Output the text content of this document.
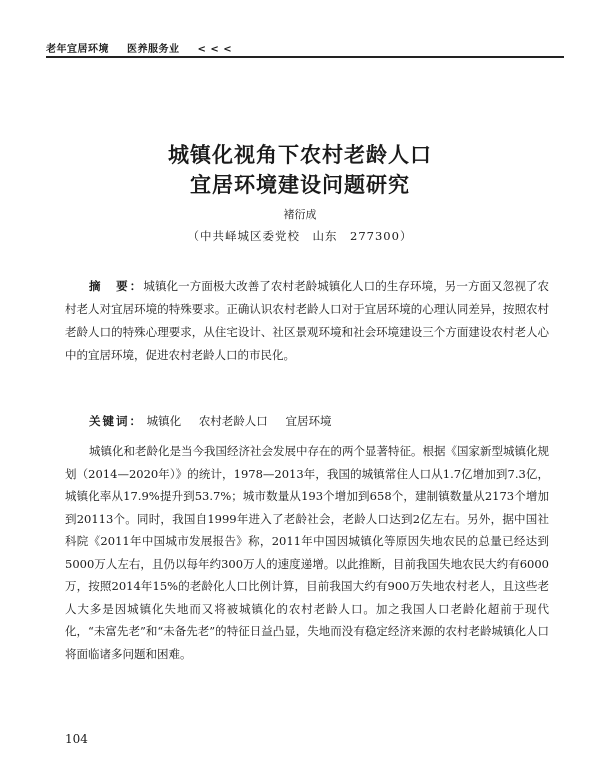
老年宜居环境 医养服务业 < < <
城镇化视角下农村老龄人口
宜居环境建设问题研究
褚衍成
（中共峄城区委党校　山东　277300）
摘　要：城镇化一方面极大改善了农村老龄城镇化人口的生存环境，另一方面又忽视了农村老人对宜居环境的特殊要求。正确认识农村老龄人口对于宜居环境的心理认同差异，按照农村老龄人口的特殊心理要求，从住宅设计、社区景观环境和社会环境建设三个方面建设农村老人心中的宜居环境，促进农村老龄人口的市民化。
关键词： 城镇化 农村老龄人口 宜居环境
城镇化和老龄化是当今我国经济社会发展中存在的两个显著特征。根据《国家新型城镇化规划（2014—2020年）》的统计，1978—2013年，我国的城镇常住人口从1.7亿增加到7.3亿，城镇化率从17.9%提升到53.7%；城市数量从193个增加到658个，建制镇数量从2173个增加到20113个。同时，我国自1999年进入了老龄社会，老龄人口达到2亿左右。另外，据中国社科院《2011年中国城市发展报告》称，2011年中国因城镇化等原因失地农民的总量已经达到5000万人左右，且仍以每年约300万人的速度递增。以此推断，目前我国失地农民大约有6000万，按照2014年15%的老龄化人口比例计算，目前我国大约有900万失地农村老人，且这些老人大多是因城镇化失地而又将被城镇化的农村老龄人口。加之我国人口老龄化超前于现代化，“未富先老”和“未备先老”的特征日益凸显，失地而没有稳定经济来源的农村老龄城镇化人口将面临诸多问题和困难。
104
